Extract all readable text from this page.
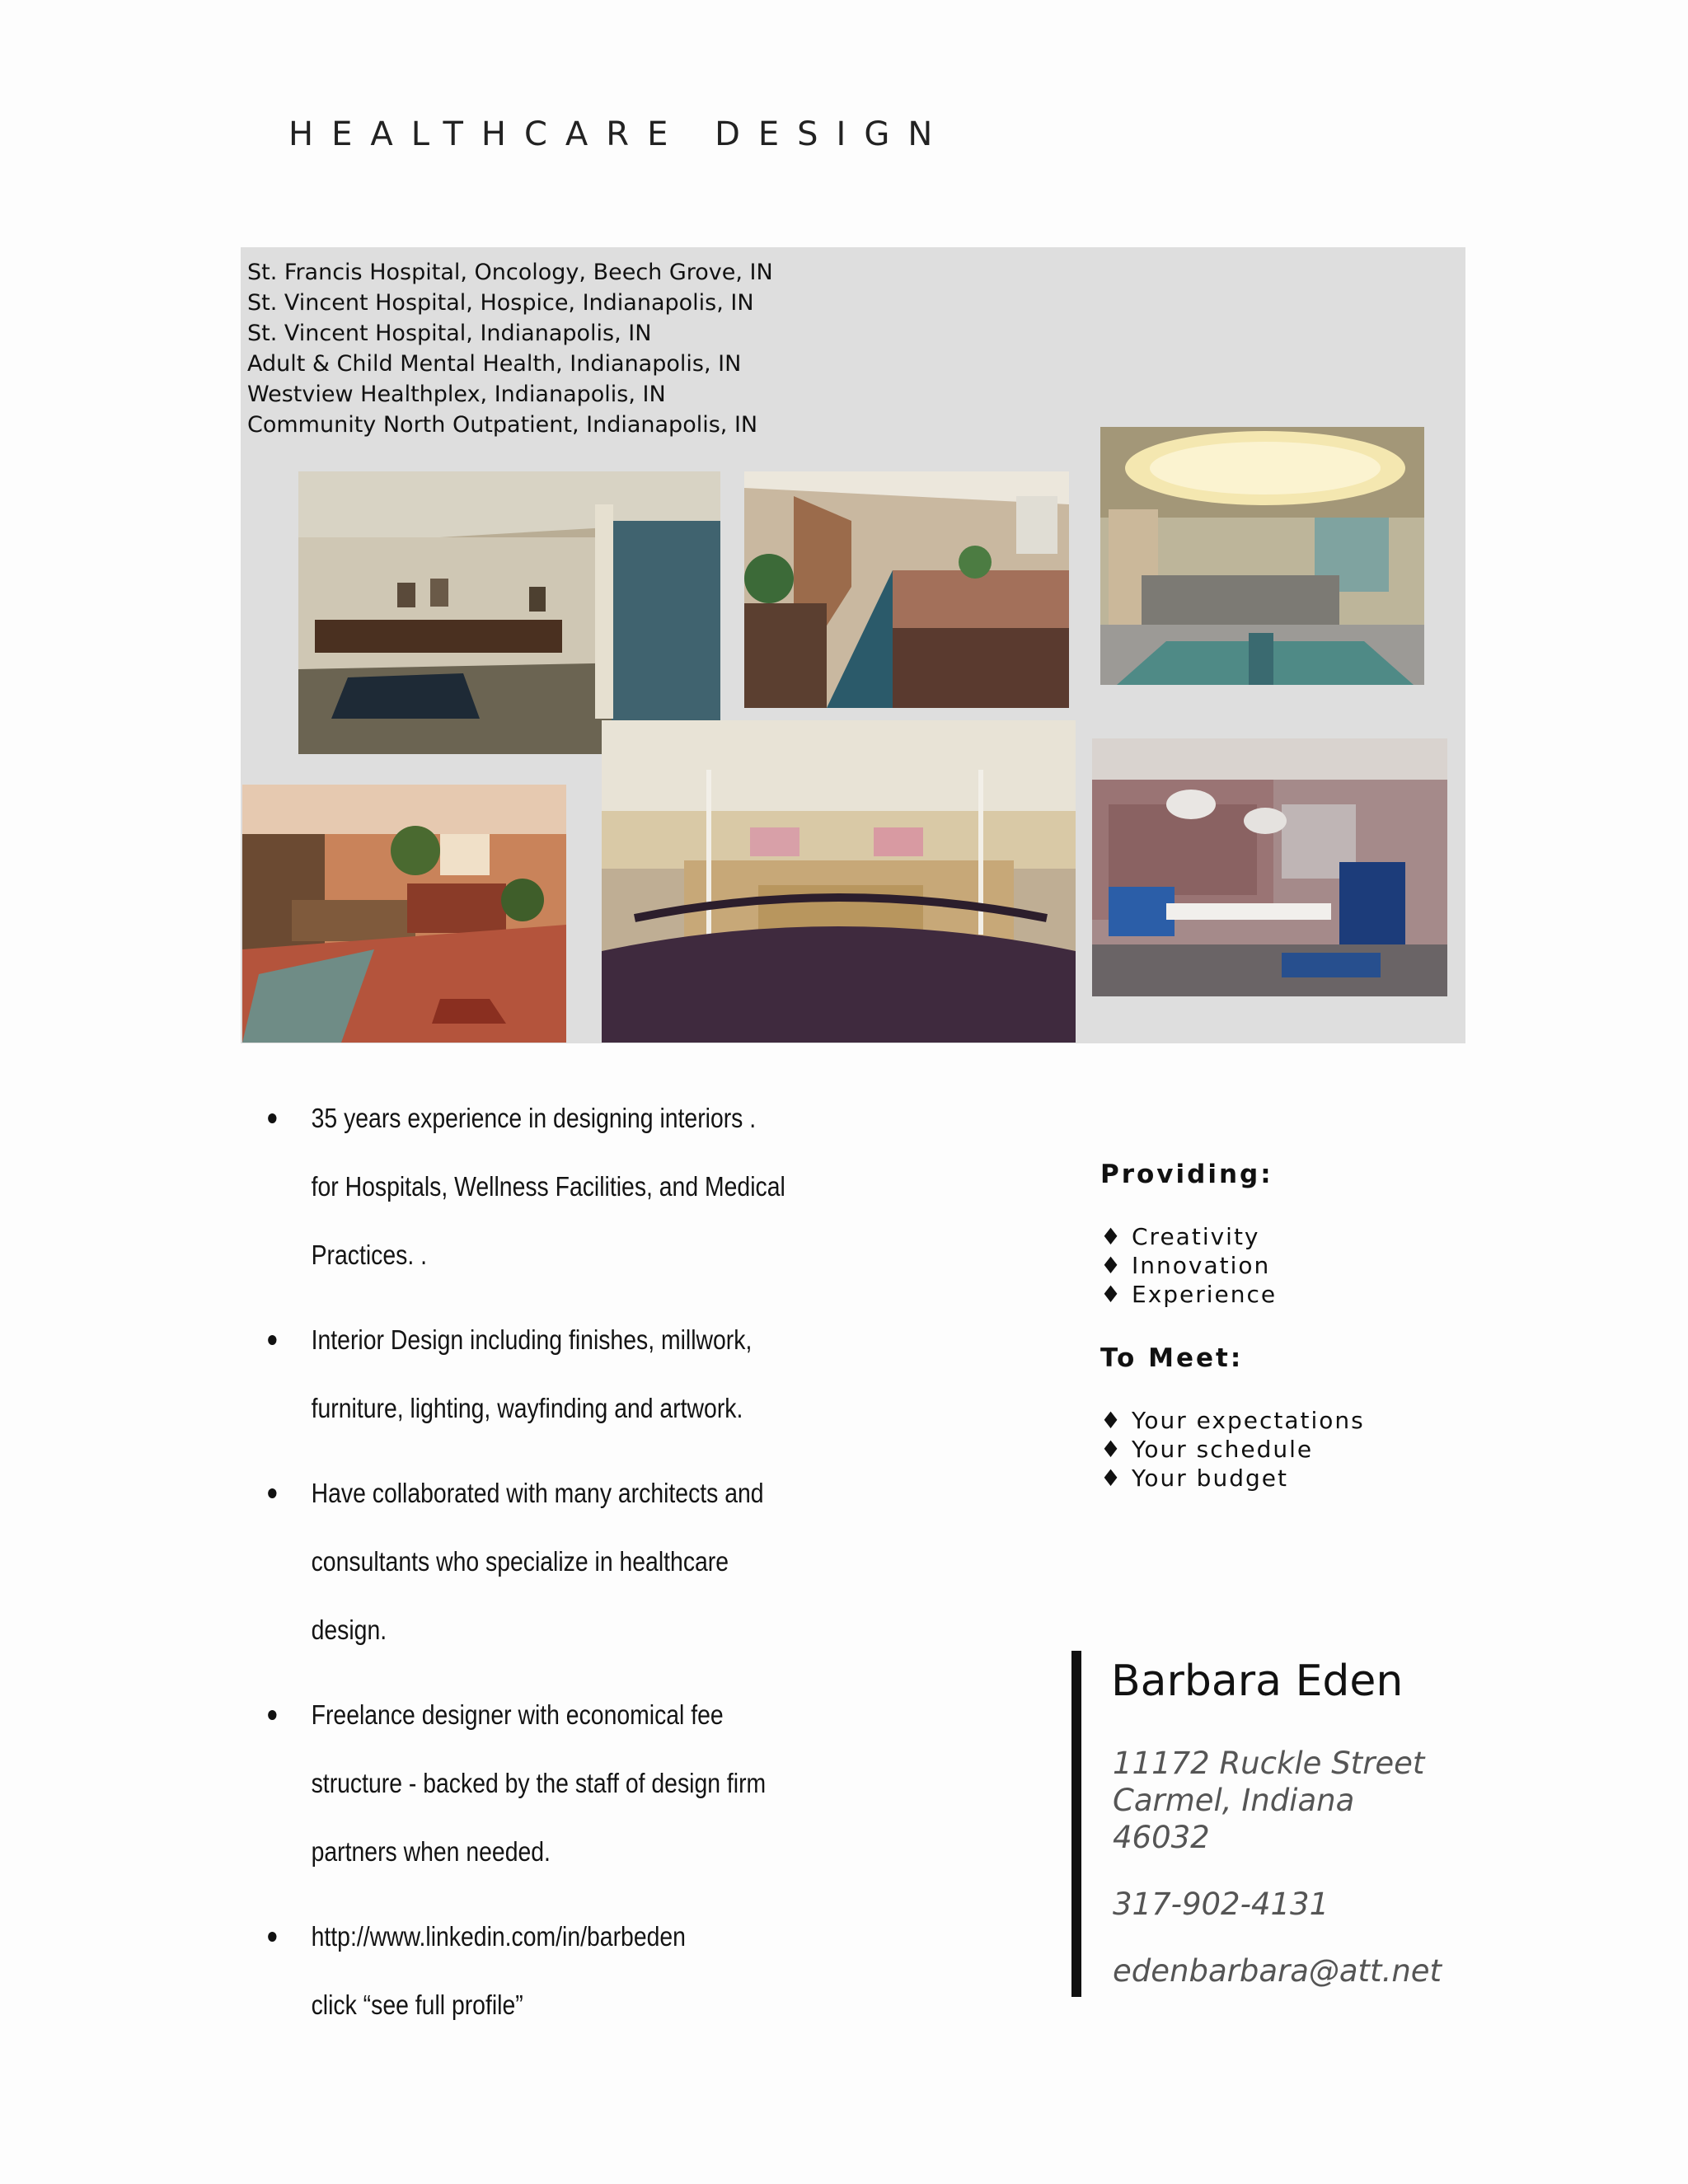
HEALTHCARE DESIGN
St. Francis Hospital, Oncology, Beech Grove, IN
St. Vincent Hospital, Hospice, Indianapolis, IN
St. Vincent Hospital, Indianapolis, IN
Adult & Child Mental Health, Indianapolis, IN
Westview Healthplex, Indianapolis, IN
Community North Outpatient, Indianapolis, IN
35 years experience in designing interiors .
for Hospitals, Wellness Facilities, and Medical
Practices. .
Interior Design including finishes, millwork,
furniture, lighting, wayfinding and artwork.
Have collaborated with many architects and
consultants who specialize in healthcare
design.
Freelance designer with economical fee
structure - backed by the staff of design firm
partners when needed.
http://www.linkedin.com/in/barbeden
click “see full profile”
Providing:
♦ Creativity
♦ Innovation
♦ Experience
To Meet:
♦ Your expectations
♦ Your schedule
♦ Your budget
Barbara Eden
11172 Ruckle Street
Carmel, Indiana
46032
317-902-4131
edenbarbara@att.net
